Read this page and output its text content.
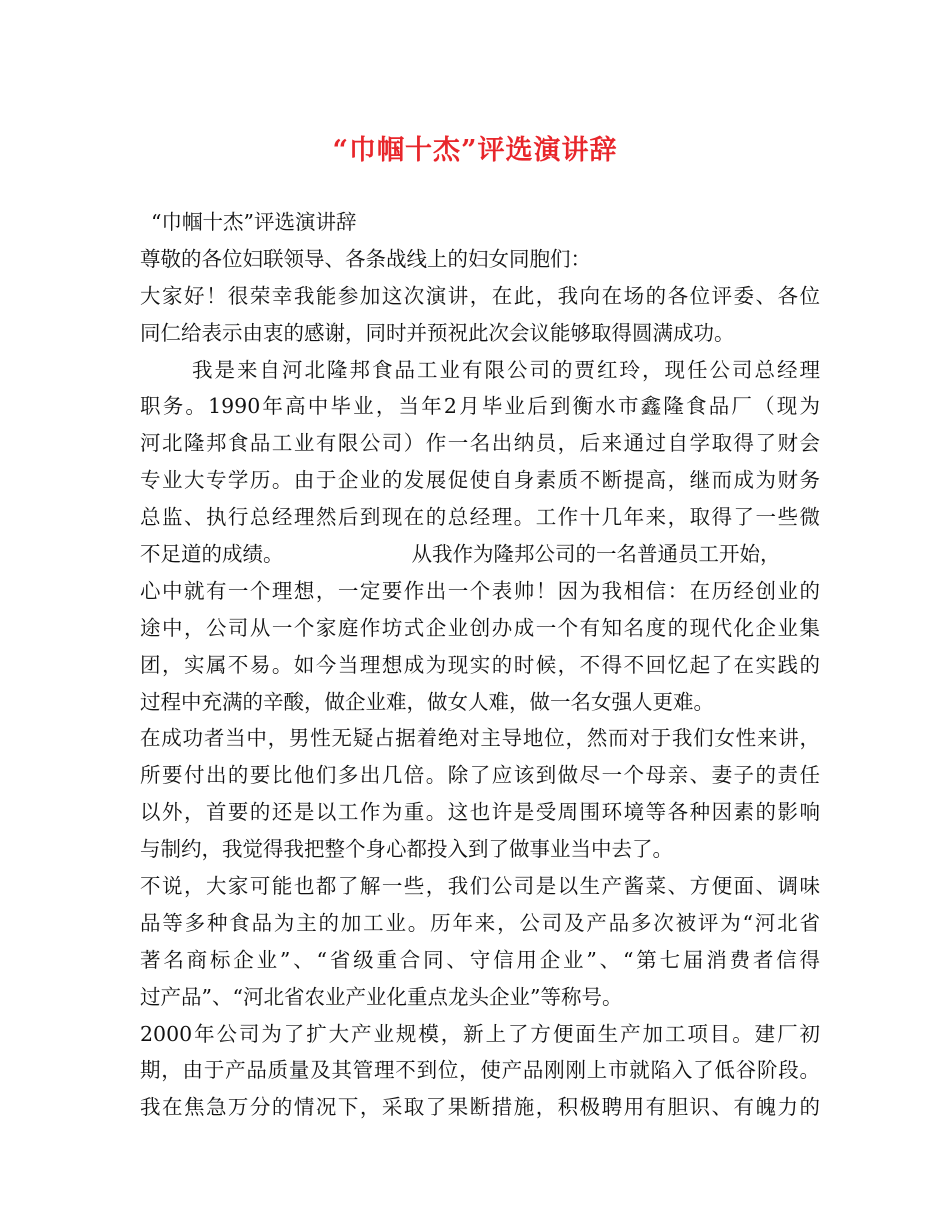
“巾帼十杰”评选演讲辞
“巾帼十杰”评选演讲辞
尊敬的各位妇联领导、各条战线上的妇女同胞们：
大家好！很荣幸我能参加这次演讲，在此，我向在场的各位评委、各位
同仁给表示由衷的感谢，同时并预祝此次会议能够取得圆满成功。
我是来自河北隆邦食品工业有限公司的贾红玲，现任公司总经理
职务。1990年高中毕业，当年2月毕业后到衡水市鑫隆食品厂（现为
河北隆邦食品工业有限公司）作一名出纳员，后来通过自学取得了财会
专业大专学历。由于企业的发展促使自身素质不断提高，继而成为财务
总监、执行总经理然后到现在的总经理。工作十几年来，取得了一些微
不足道的成绩。	从我作为隆邦公司的一名普通员工开始，
心中就有一个理想，一定要作出一个表帅！因为我相信：在历经创业的
途中，公司从一个家庭作坊式企业创办成一个有知名度的现代化企业集
团，实属不易。如今当理想成为现实的时候，不得不回忆起了在实践的
过程中充满的辛酸，做企业难，做女人难，做一名女强人更难。
在成功者当中，男性无疑占据着绝对主导地位，然而对于我们女性来讲，
所要付出的要比他们多出几倍。除了应该到做尽一个母亲、妻子的责任
以外，首要的还是以工作为重。这也许是受周围环境等各种因素的影响
与制约，我觉得我把整个身心都投入到了做事业当中去了。
不说，大家可能也都了解一些，我们公司是以生产酱菜、方便面、调味
品等多种食品为主的加工业。历年来，公司及产品多次被评为“河北省
著名商标企业”、“省级重合同、守信用企业”、“第七届消费者信得
过产品”、“河北省农业产业化重点龙头企业”等称号。
2000年公司为了扩大产业规模，新上了方便面生产加工项目。建厂初
期，由于产品质量及其管理不到位，使产品刚刚上市就陷入了低谷阶段。
我在焦急万分的情况下，采取了果断措施，积极聘用有胆识、有魄力的
